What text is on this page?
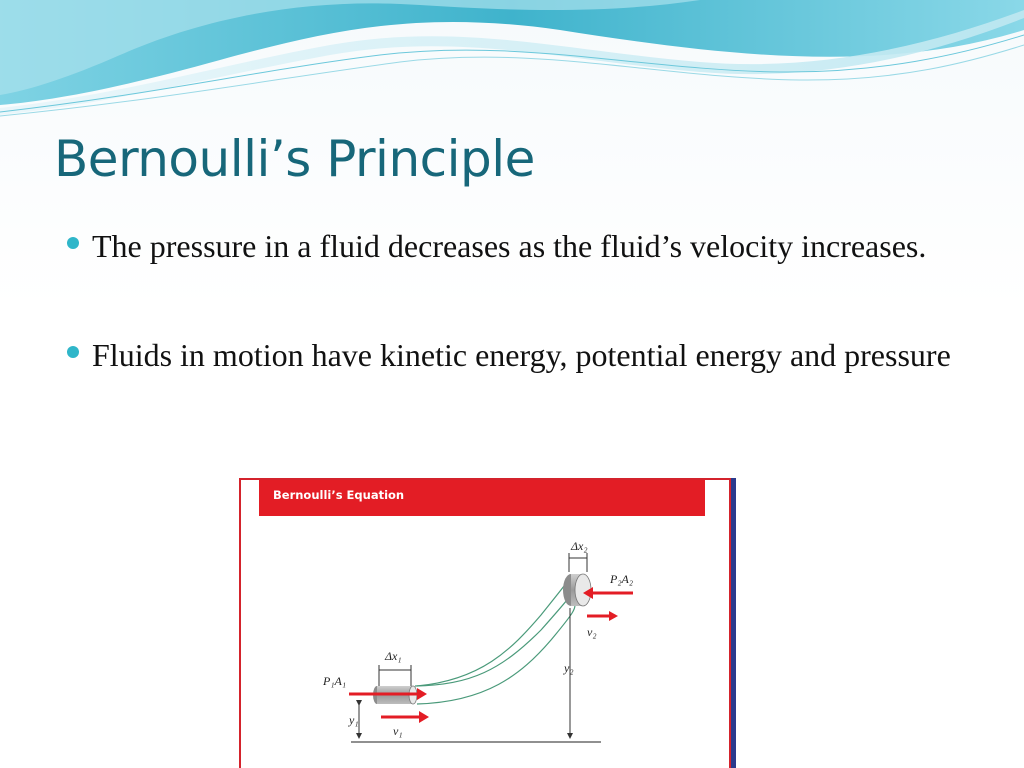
Bernoulli’s Principle
The pressure in a fluid decreases as the fluid’s velocity increases.
Fluids in motion have kinetic energy, potential energy and pressure
Bernoulli’s Equation
Δx₂
P₂A₂
v₂
y₂
Δx₁
P₁A₁
y₁
v₁
